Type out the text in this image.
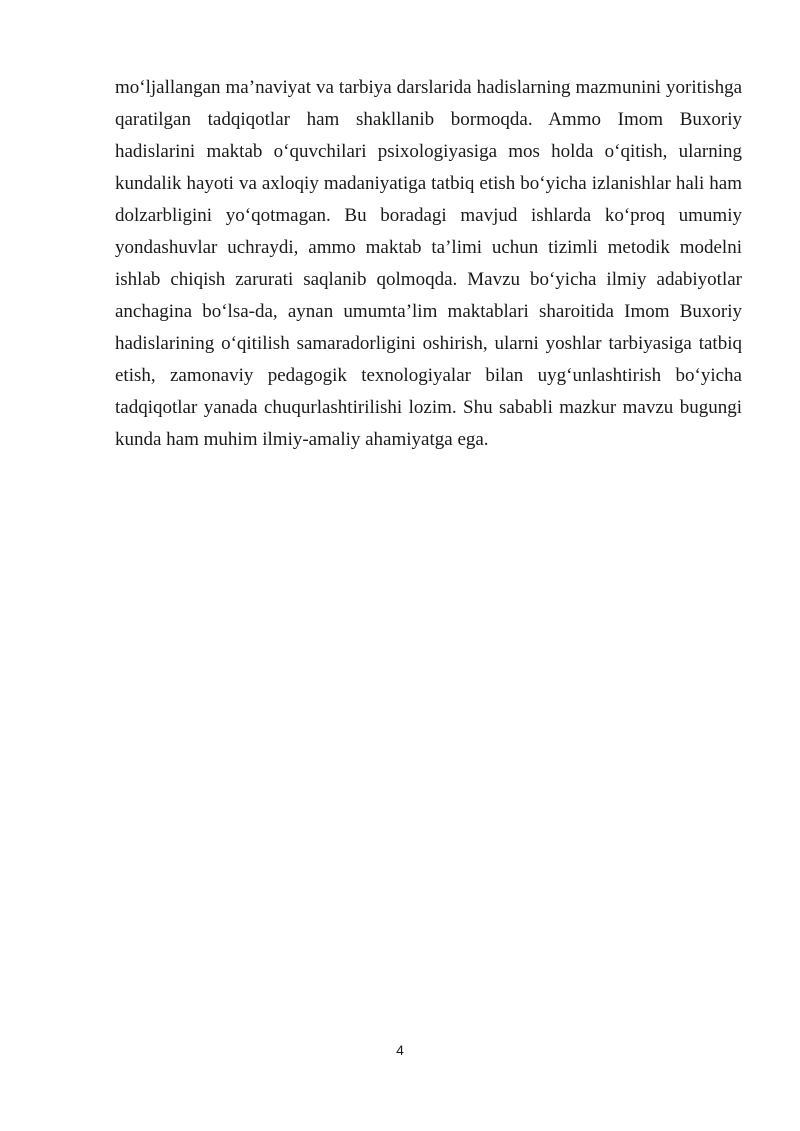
mo‘ljallangan ma’naviyat va tarbiya darslarida hadislarning mazmunini yoritishga qaratilgan tadqiqotlar ham shakllanib bormoqda. Ammo Imom Buxoriy hadislarini maktab o‘quvchilari psixologiyasiga mos holda o‘qitish, ularning kundalik hayoti va axloqiy madaniyatiga tatbiq etish bo‘yicha izlanishlar hali ham dolzarbligini yo‘qotmagan. Bu boradagi mavjud ishlarda ko‘proq umumiy yondashuvlar uchraydi, ammo maktab ta’limi uchun tizimli metodik modelni ishlab chiqish zarurati saqlanib qolmoqda. Mavzu bo‘yicha ilmiy adabiyotlar anchagina bo‘lsa-da, aynan umumta’lim maktablari sharoitida Imom Buxoriy hadislarining o‘qitilish samaradorligini oshirish, ularni yoshlar tarbiyasiga tatbiq etish, zamonaviy pedagogik texnologiyalar bilan uyg‘unlashtirish bo‘yicha tadqiqotlar yanada chuqurlashtirilishi lozim. Shu sababli mazkur mavzu bugungi kunda ham muhim ilmiy-amaliy ahamiyatga ega.

4
